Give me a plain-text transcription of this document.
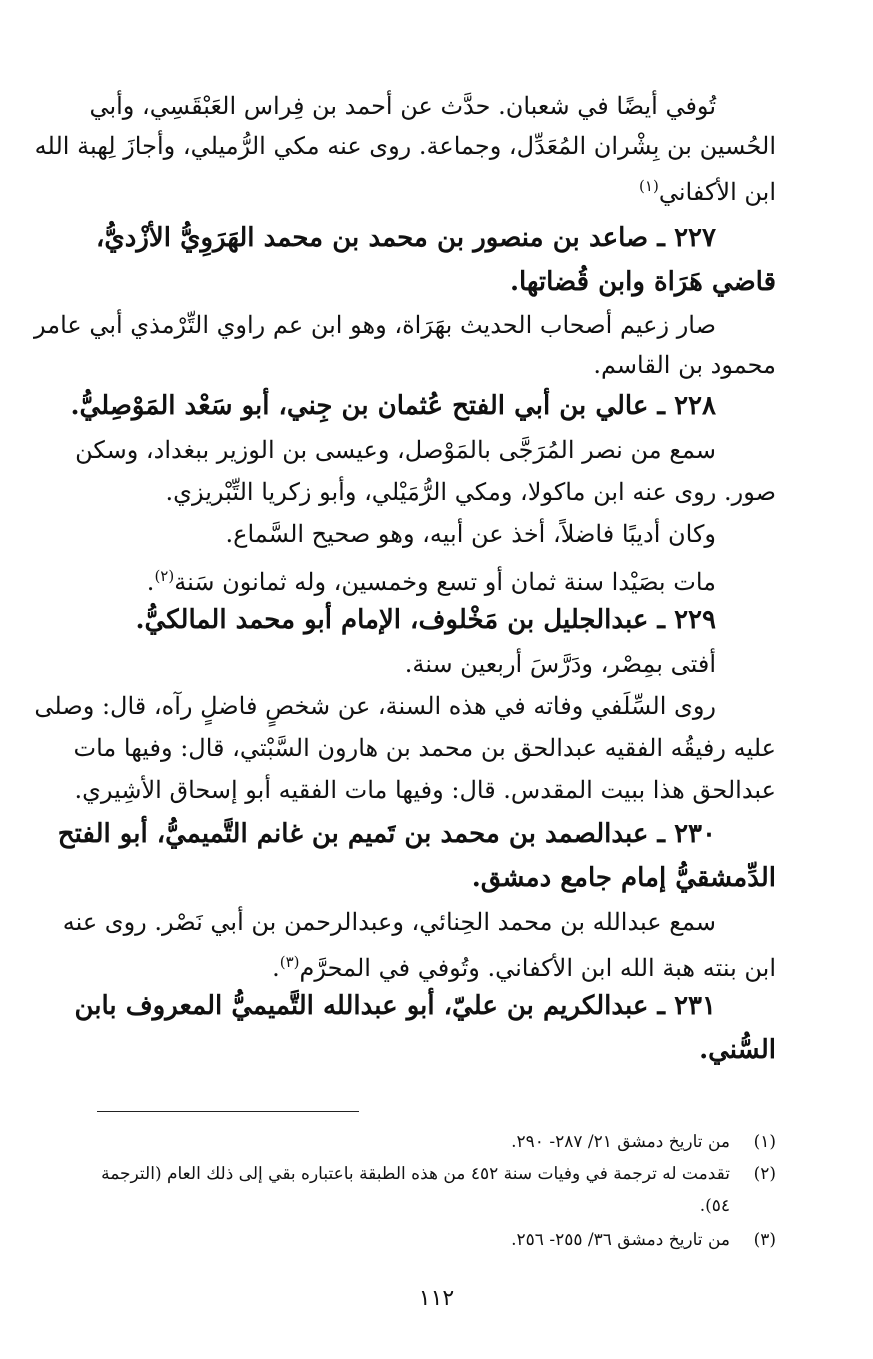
تُوفي أيضًا في شعبان. حدَّث عن أحمد بن فِراس العَبْقَسِي، وأبي
الحُسين بن بِشْران المُعَدِّل، وجماعة. روى عنه مكي الرُّميلي، وأجازَ لِهبة الله
ابن الأكفاني$^{(١)}$
٢٢٧ ـ صاعد بن منصور بن محمد بن محمد الهَرَوِيُّ الأزْديُّ،
قاضي هَرَاة وابن قُضاتها.
صار زعيم أصحاب الحديث بهَرَاة، وهو ابن عم راوي التِّرْمذي أبي عامر
محمود بن القاسم.
٢٢٨ ـ عالي بن أبي الفتح عُثمان بن جِني، أبو سَعْد المَوْصِليُّ.
سمع من نصر المُرَجَّى بالمَوْصل، وعيسى بن الوزير ببغداد، وسكن
صور. روى عنه ابن ماكولا، ومكي الرُّمَيْلي، وأبو زكريا التِّبْريزي.
وكان أديبًا فاضلاً، أخذ عن أبيه، وهو صحيح السَّماع.
مات بصَيْدا سنة ثمان أو تسع وخمسين، وله ثمانون سَنة$^{(٢)}$.
٢٢٩ ـ عبدالجليل بن مَخْلوف، الإمام أبو محمد المالكيُّ.
أفتى بمِصْر، ودَرَّسَ أربعين سنة.
روى السِّلَفي وفاته في هذه السنة، عن شخصٍ فاضلٍ رآه، قال: وصلى
عليه رفيقُه الفقيه عبدالحق بن محمد بن هارون السَّبْتي، قال: وفيها مات
عبدالحق هذا ببيت المقدس. قال: وفيها مات الفقيه أبو إسحاق الأشِيري.
٢٣٠ ـ عبدالصمد بن محمد بن تَميم بن غانم التَّميميُّ، أبو الفتح
الدِّمشقيُّ إمام جامع دمشق.
سمع عبدالله بن محمد الحِنائي، وعبدالرحمن بن أبي نَصْر. روى عنه
ابن بنته هبة الله ابن الأكفاني. وتُوفي في المحرَّم$^{(٣)}$.
٢٣١ ـ عبدالكريم بن عليّ، أبو عبدالله التَّميميُّ المعروف بابن
السُّني.
(١)من تاريخ دمشق ٢١/ ٢٨٧- ٢٩٠.
(٢)تقدمت له ترجمة في وفيات سنة ٤٥٢ من هذه الطبقة باعتباره بقي إلى ذلك العام (الترجمة
٥٤).
(٣)من تاريخ دمشق ٣٦/ ٢٥٥- ٢٥٦.
١١٢
